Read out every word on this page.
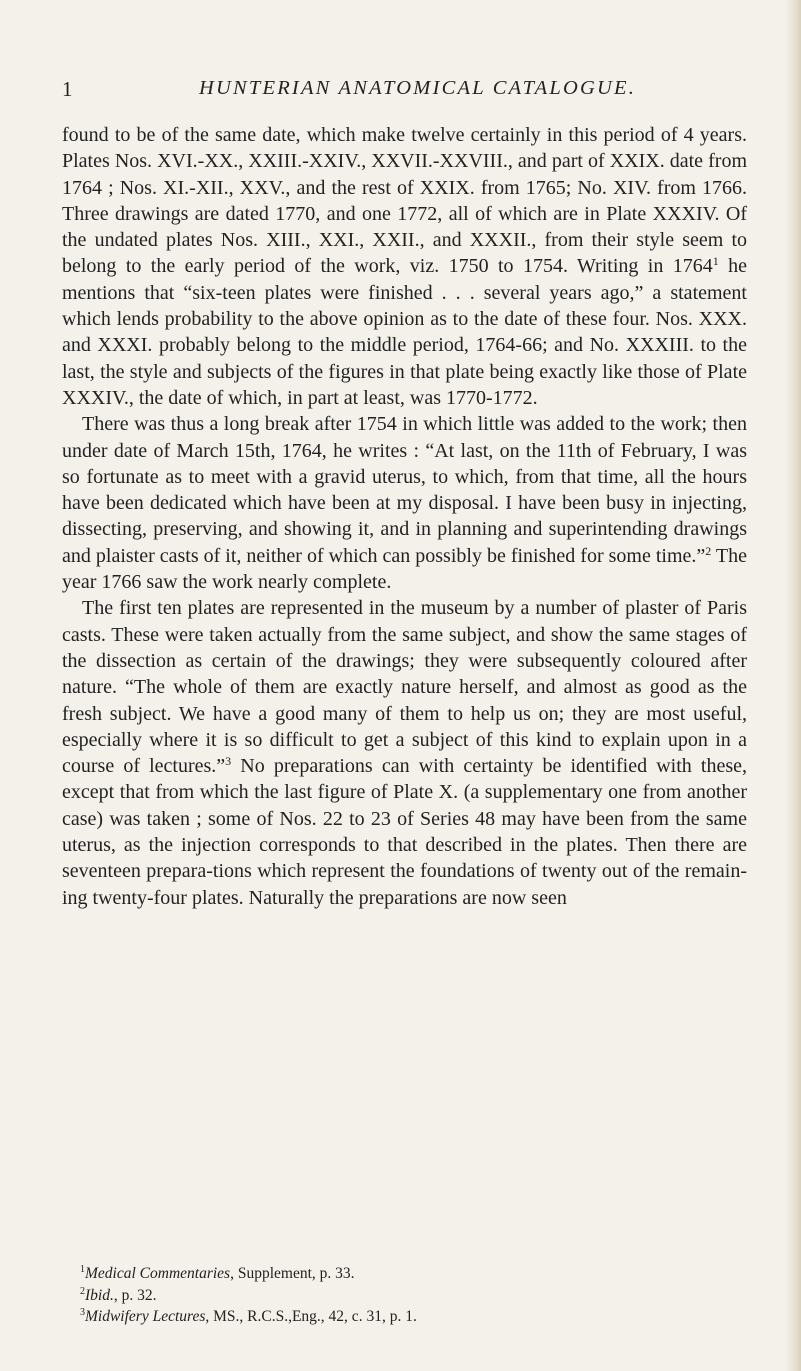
1	HUNTERIAN ANATOMICAL CATALOGUE.

found to be of the same date, which make twelve certainly in this period of 4 years. Plates Nos. XVI.-XX., XXIII.-XXIV., XXVII.-XXVIII., and part of XXIX. date from 1764 ; Nos. XI.-XII., XXV., and the rest of XXIX. from 1765; No. XIV. from 1766. Three drawings are dated 1770, and one 1772, all of which are in Plate XXXIV. Of the undated plates Nos. XIII., XXI., XXII., and XXXII., from their style seem to belong to the early period of the work, viz. 1750 to 1754. Writing in 1764$^1$ he mentions that “six-teen plates were finished . . . several years ago,” a statement which lends probability to the above opinion as to the date of these four. Nos. XXX. and XXXI. probably belong to the middle period, 1764-66; and No. XXXIII. to the last, the style and subjects of the figures in that plate being exactly like those of Plate XXXIV., the date of which, in part at least, was 1770-1772.

There was thus a long break after 1754 in which little was added to the work; then under date of March 15th, 1764, he writes : “At last, on the 11th of February, I was so fortunate as to meet with a gravid uterus, to which, from that time, all the hours have been dedicated which have been at my disposal. I have been busy in injecting, dissecting, preserving, and showing it, and in planning and superintending drawings and plaister casts of it, neither of which can possibly be finished for some time.”$^2$ The year 1766 saw the work nearly complete.

The first ten plates are represented in the museum by a number of plaster of Paris casts. These were taken actually from the same subject, and show the same stages of the dissection as certain of the drawings; they were subsequently coloured after nature. “The whole of them are exactly nature herself, and almost as good as the fresh subject. We have a good many of them to help us on; they are most useful, especially where it is so difficult to get a subject of this kind to explain upon in a course of lectures.”$^3$ No preparations can with certainty be identified with these, except that from which the last figure of Plate X. (a supplementary one from another case) was taken ; some of Nos. 22 to 23 of Series 48 may have been from the same uterus, as the injection corresponds to that described in the plates. Then there are seventeen prepara-tions which represent the foundations of twenty out of the remain-ing twenty-four plates. Naturally the preparations are now seen

$^1$Medical Commentaries, Supplement, p. 33.
$^2$Ibid., p. 32.
$^3$Midwifery Lectures, MS., R.C.S.,Eng., 42, c. 31, p. 1.
